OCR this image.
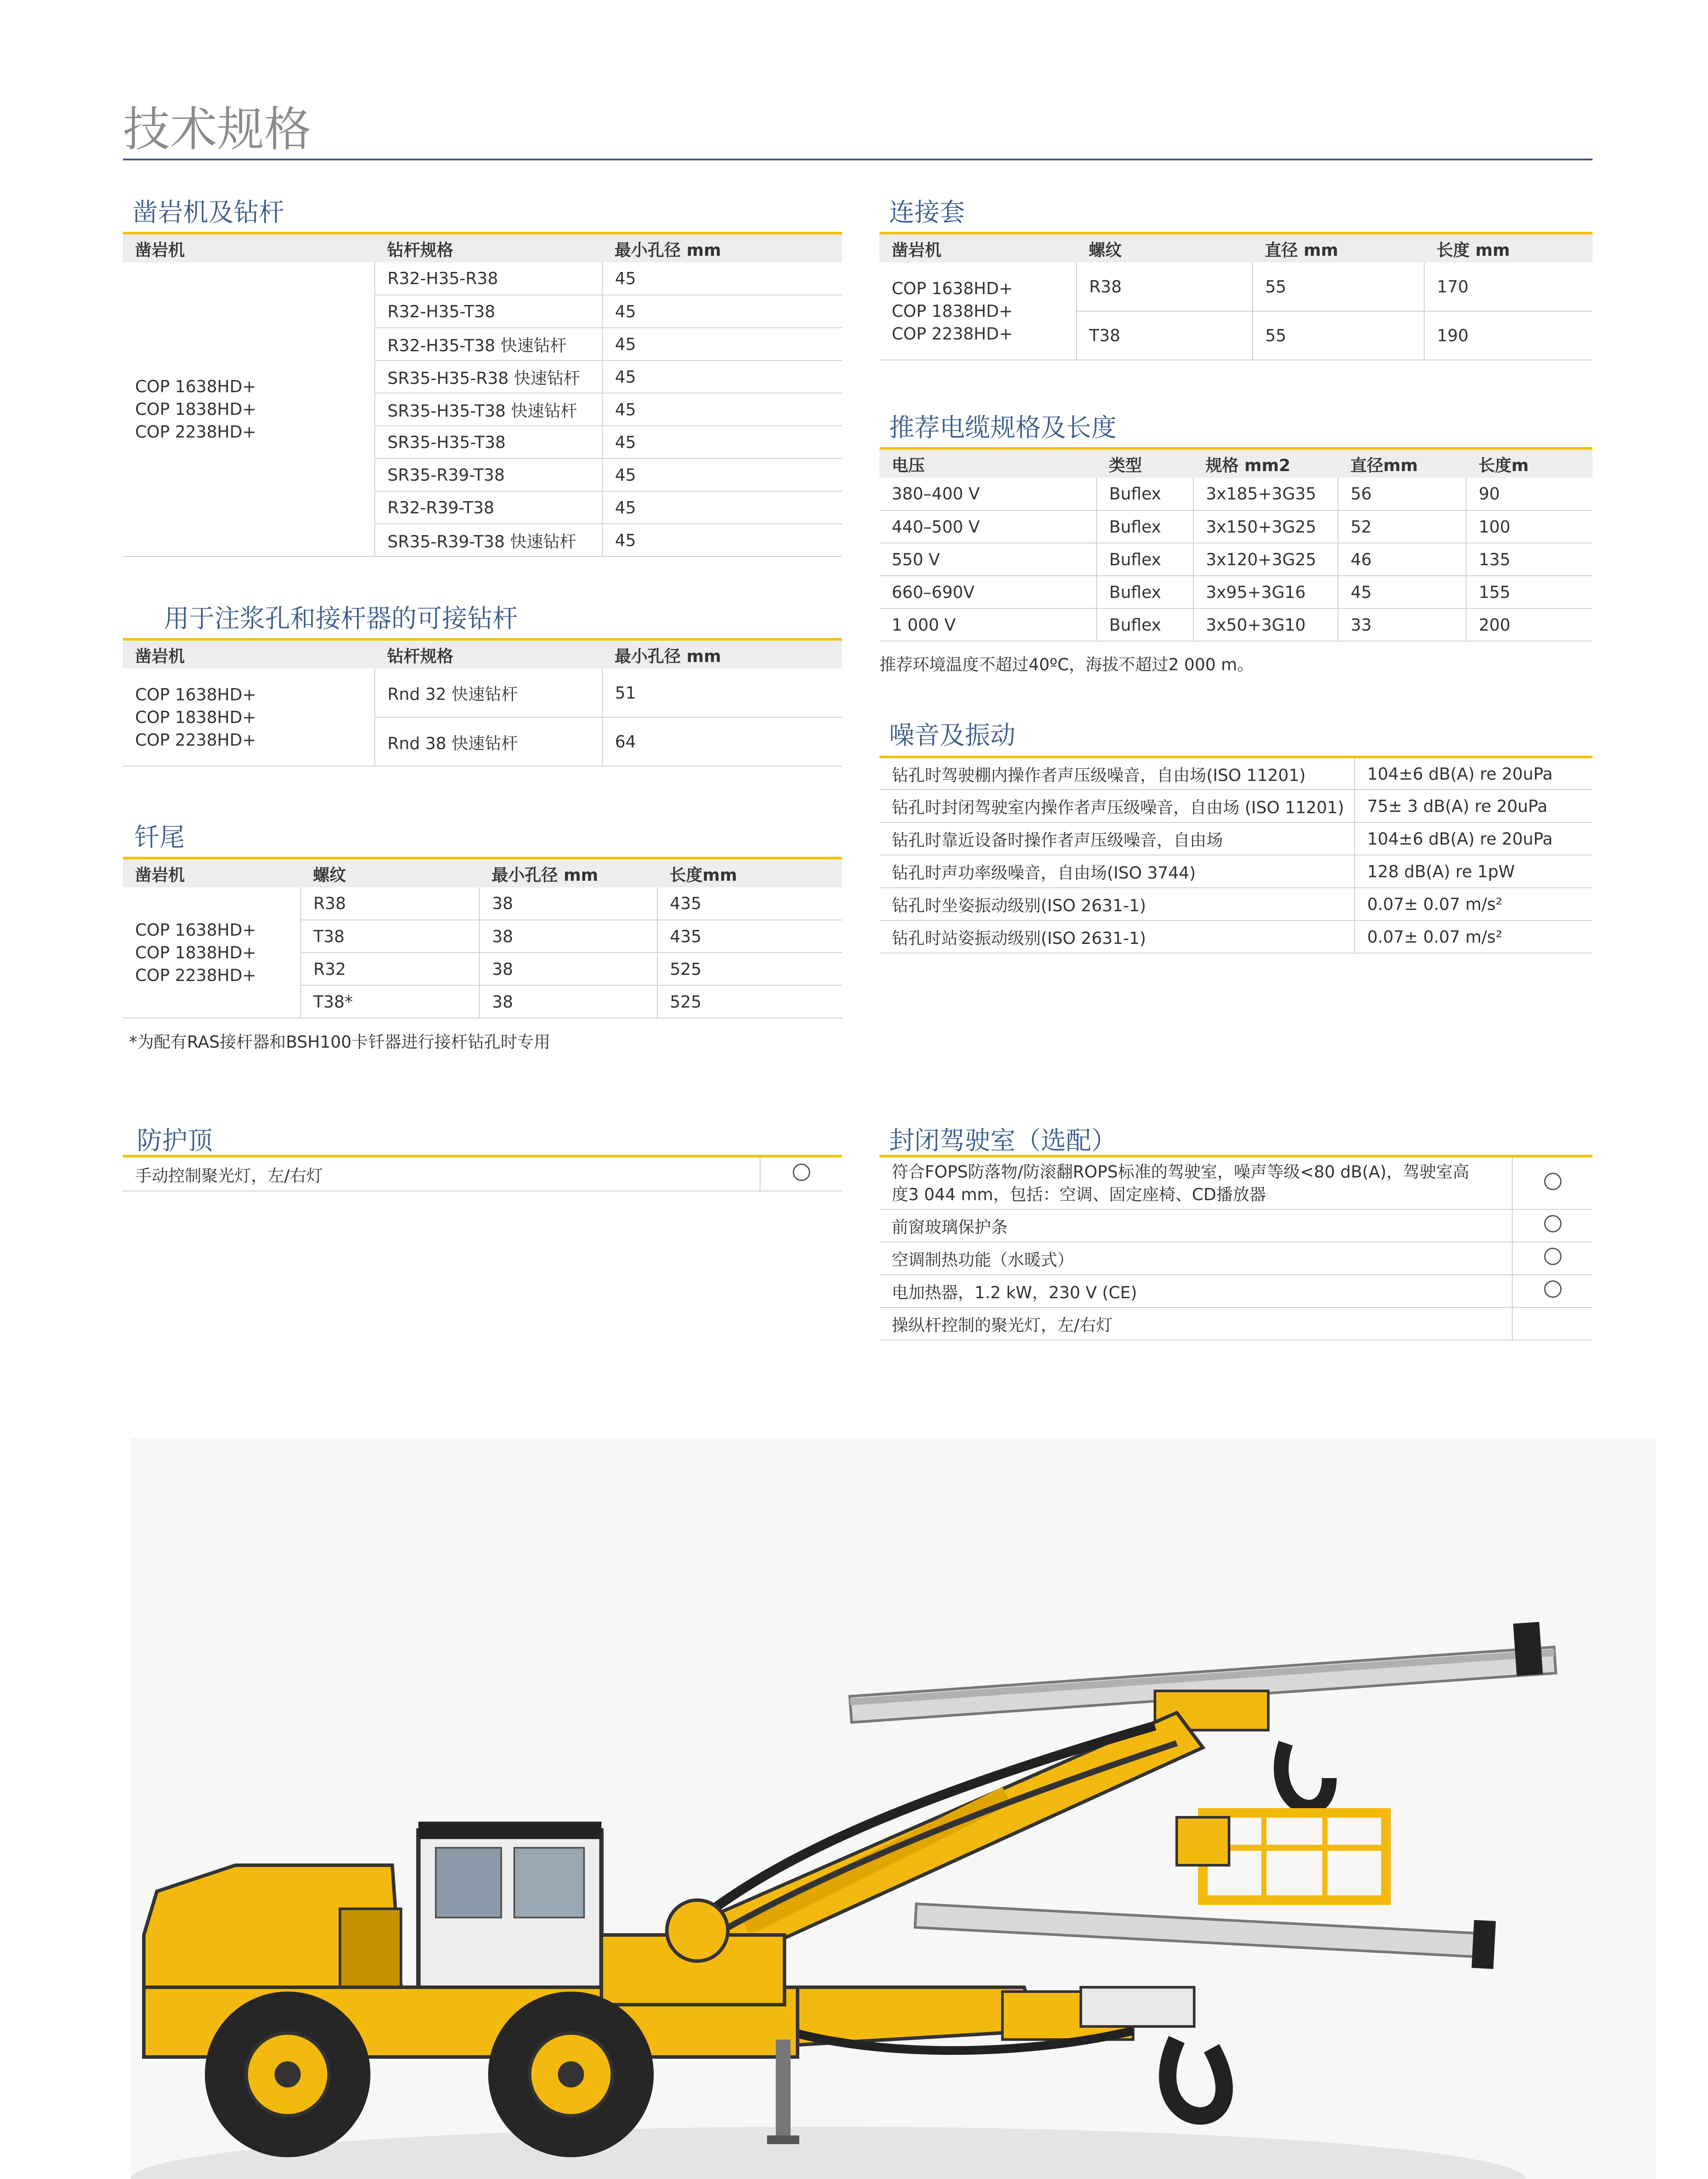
技术规格
凿岩机及钻杆
凿岩机	钻杆规格	最小孔径 mm

COP 1638HD+
COP 1838HD+
COP 2238HD+	R32-H35-R38	45
	R32-H35-T38	45
	R32-H35-T38 快速钻杆	45
	SR35-H35-R38 快速钻杆	45
	SR35-H35-T38 快速钻杆	45
	SR35-H35-T38	45
	SR35-R39-T38	45
	R32-R39-T38	45
	SR35-R39-T38 快速钻杆	45
用于注浆孔和接杆器的可接钻杆
凿岩机	钻杆规格	最小孔径 mm

COP 1638HD+
COP 1838HD+
COP 2238HD+	Rnd 32 快速钻杆	51
	Rnd 38 快速钻杆	64
钎尾
凿岩机	螺纹	最小孔径 mm	长度mm

COP 1638HD+
COP 1838HD+
COP 2238HD+	R38	38	435
	T38	38	435
	R32	38	525
	T38*	38	525
*为配有RAS接杆器和BSH100卡钎器进行接杆钻孔时专用
防护顶
手动控制聚光灯，左/右灯	
连接套
凿岩机	螺纹	直径 mm	长度 mm

COP 1638HD+
COP 1838HD+
COP 2238HD+	R38	55	170
	T38	55	190
推荐电缆规格及长度
电压	类型	规格 mm2	直径mm	长度m
380–400 V	Buflex	3x185+3G35	56	90
440–500 V	Buflex	3x150+3G25	52	100
550 V	Buflex	3x120+3G25	46	135
660–690V	Buflex	3x95+3G16	45	155
1 000 V	Buflex	3x50+3G10	33	200
推荐环境温度不超过40ºC，海拔不超过2 000 m。
噪音及振动
钻孔时驾驶棚内操作者声压级噪音，自由场(ISO 11201)	104±6 dB(A) re 20uPa
钻孔时封闭驾驶室内操作者声压级噪音，自由场 (ISO 11201)	75± 3 dB(A) re 20uPa
钻孔时靠近设备时操作者声压级噪音，自由场	104±6 dB(A) re 20uPa
钻孔时声功率级噪音，自由场(ISO 3744)	128 dB(A) re 1pW
钻孔时坐姿振动级别(ISO 2631-1)	0.07± 0.07 m/s²
钻孔时站姿振动级别(ISO 2631-1)	0.07± 0.07 m/s²
封闭驾驶室（选配）
符合FOPS防落物/防滚翻ROPS标准的驾驶室，噪声等级<80 dB(A)，驾驶室高
度3 044 mm，包括：空调、固定座椅、CD播放器	

前窗玻璃保护条	
空调制热功能（水暖式）	
电加热器，1.2 kW，230 V (CE)	
操纵杆控制的聚光灯，左/右灯	
